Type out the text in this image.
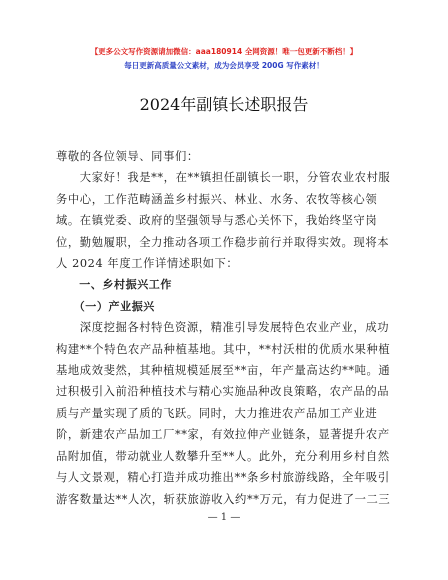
【更多公文写作资源请加微信：aaa180914 全网资源！唯一包更新不断档！】
每日更新高质量公文素材，成为会员享受 200G 写作素材！
2024年副镇长述职报告

尊敬的各位领导、同事们：

　　大家好！我是**，在**镇担任副镇长一职，分管农业农村服

务中心，工作范畴涵盖乡村振兴、林业、水务、农牧等核心领

域。在镇党委、政府的坚强领导与悉心关怀下，我始终坚守岗

位，勤勉履职，全力推动各项工作稳步前行并取得实效。现将本

人 2024 年度工作详情述职如下：

　　一、乡村振兴工作

　　（一）产业振兴

　　深度挖掘各村特色资源，精准引导发展特色农业产业，成功

构建**个特色农产品种植基地。其中，**村沃柑的优质水果种植

基地成效斐然，其种植规模延展至**亩，年产量高达约**吨。通

过积极引入前沿种植技术与精心实施品种改良策略，农产品的品

质与产量实现了质的飞跃。同时，大力推进农产品加工产业进

阶，新建农产品加工厂**家，有效拉伸产业链条，显著提升农产

品附加值，带动就业人数攀升至**人。此外，充分利用乡村自然

与人文景观，精心打造并成功推出**条乡村旅游线路，全年吸引

游客数量达**人次，斩获旅游收入约**万元，有力促进了一二三

— 1 —
